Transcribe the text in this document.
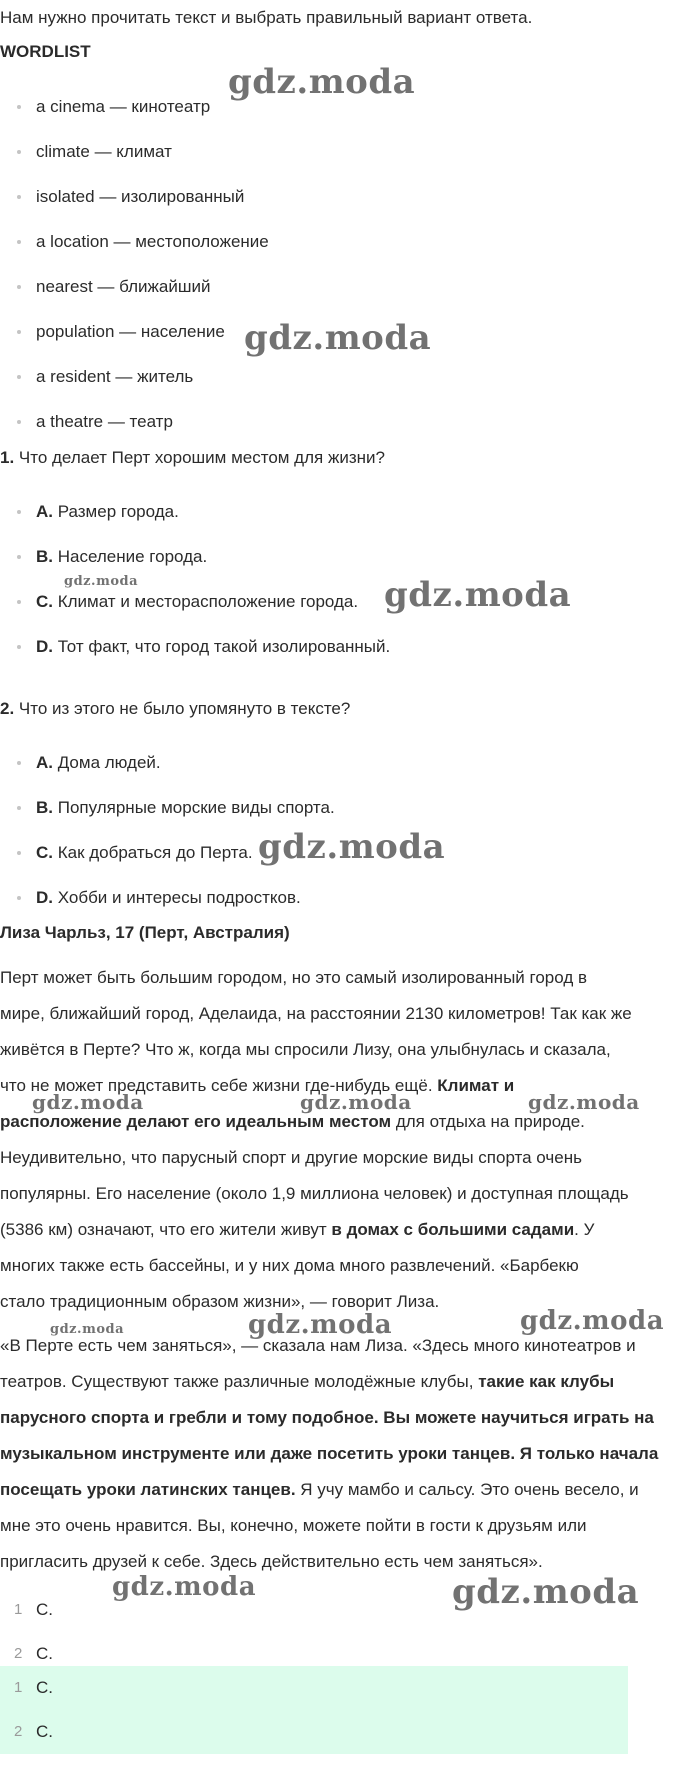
Нам нужно прочитать текст и выбрать правильный вариант ответа.
WORDLIST
a cinema — кинотеатр
climate — климат
isolated — изолированный
a location — местоположение
nearest — ближайший
population — население
a resident — житель
a theatre — театр
1. Что делает Перт хорошим местом для жизни?
A. Размер города.
B. Население города.
C. Климат и месторасположение города.
D. Тот факт, что город такой изолированный.
2. Что из этого не было упомянуто в тексте?
A. Дома людей.
B. Популярные морские виды спорта.
C. Как добраться до Перта.
D. Хобби и интересы подростков.
Лиза Чарльз, 17 (Перт, Австралия)
Перт может быть большим городом, но это самый изолированный город в
мире, ближайший город, Аделаида, на расстоянии 2130 километров! Так как же
живётся в Перте? Что ж, когда мы спросили Лизу, она улыбнулась и сказала,
что не может представить себе жизни где-нибудь ещё. Климат и
расположение делают его идеальным местом для отдыха на природе.
Неудивительно, что парусный спорт и другие морские виды спорта очень
популярны. Его население (около 1,9 миллиона человек) и доступная площадь
(5386 км) означают, что его жители живут в домах с большими садами. У
многих также есть бассейны, и у них дома много развлечений. «Барбекю
стало традиционным образом жизни», — говорит Лиза.
«В Перте есть чем заняться», — сказала нам Лиза. «Здесь много кинотеатров и
театров. Существуют также различные молодёжные клубы, такие как клубы
парусного спорта и гребли и тому подобное. Вы можете научиться играть на
музыкальном инструменте или даже посетить уроки танцев. Я только начала
посещать уроки латинских танцев. Я учу мамбо и сальсу. Это очень весело, и
мне это очень нравится. Вы, конечно, можете пойти в гости к друзьям или
пригласить друзей к себе. Здесь действительно есть чем заняться».
1 C.
2 C.
1 C.
2 C.
gdz.moda
gdz.moda
gdz.moda	gdz.moda
gdz.moda
gdz.moda	gdz.moda	gdz.moda
gdz.moda
gdz.moda
gdz.moda
gdz.moda	gdz.moda
